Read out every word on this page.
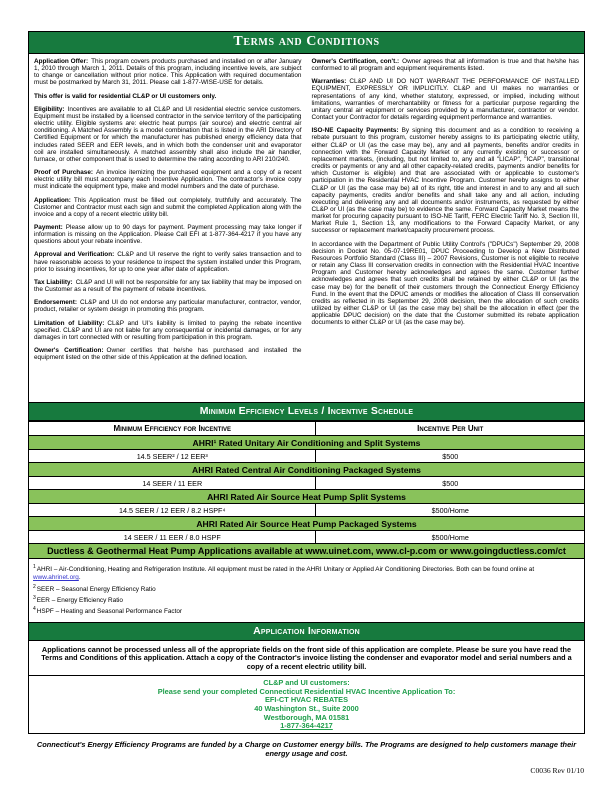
Terms and Conditions

Application Offer: This program covers products purchased and installed on or after January 1, 2010 through March 1, 2011. Details of this program, including incentive levels, are subject to change or cancellation without prior notice. This Application with required documentation must be postmarked by March 31, 2011. Please call 1-877-WISE-USE for details.

This offer is valid for residential CL&P or UI customers only.

Eligibility: Incentives are available to all CL&P and UI residential electric service customers. Equipment must be installed by a licensed contractor in the service territory of the participating electric utility. Eligible systems are: electric heat pumps (air source) and electric central air conditioning. A Matched Assembly is a model combination that is listed in the ARI Directory of Certified Equipment or for which the manufacturer has published energy efficiency data that includes rated SEER and EER levels, and in which both the condenser unit and evaporator coil are installed simultaneously. A matched assembly shall also include the air handler, furnace, or other component that is used to determine the rating according to ARI 210/240.

Proof of Purchase: An invoice itemizing the purchased equipment and a copy of a recent electric utility bill must accompany each Incentive Application. The contractor's invoice copy must indicate the equipment type, make and model numbers and the date of purchase.

Application: This Application must be filled out completely, truthfully and accurately. The Customer and Contractor must each sign and submit the completed Application along with the invoice and a copy of a recent electric utility bill.

Payment: Please allow up to 90 days for payment. Payment processing may take longer if information is missing on the Application. Please Call EFI at 1-877-364-4217 if you have any questions about your rebate incentive.

Approval and Verification: CL&P and UI reserve the right to verify sales transaction and to have reasonable access to your residence to inspect the system installed under this Program, prior to issuing incentives, for up to one year after date of application.

Tax Liability: CL&P and UI will not be responsible for any tax liability that may be imposed on the Customer as a result of the payment of rebate incentives.

Endorsement: CL&P and UI do not endorse any particular manufacturer, contractor, vendor, product, retailer or system design in promoting this program.

Limitation of Liability: CL&P and UI's liability is limited to paying the rebate incentive specified. CL&P and UI are not liable for any consequential or incidental damages, or for any damages in tort connected with or resulting from participation in this program.

Owner's Certification: Owner certifies that he/she has purchased and installed the equipment listed on the other side of this Application at the defined location.

Owner's Certification, con't.: Owner agrees that all information is true and that he/she has conformed to all program and equipment requirements listed.

Warranties: CL&P AND UI DO NOT WARRANT THE PERFORMANCE OF INSTALLED EQUIPMENT, EXPRESSLY OR IMPLICITLY. CL&P and UI makes no warranties or representations of any kind, whether statutory, expressed, or implied, including without limitations, warranties of merchantability or fitness for a particular purpose regarding the unitary central air equipment or services provided by a manufacturer, contractor or vendor. Contact your Contractor for details regarding equipment performance and warranties.

ISO-NE Capacity Payments: By signing this document and as a condition to receiving a rebate pursuant to this program, customer hereby assigns to its participating electric utility, either CL&P or UI (as the case may be), any and all payments, benefits and/or credits in connection with the Forward Capacity Market or any currently existing or successor or replacement markets, (including, but not limited to, any and all "LICAP", "ICAP", transitional credits or payments or any and all other capacity-related credits, payments and/or benefits for which Customer is eligible) and that are associated with or applicable to customer's participation in the Residential HVAC Incentive Program. Customer hereby assigns to either CL&P or UI (as the case may be) all of its right, title and interest in and to any and all such capacity payments, credits and/or benefits and shall take any and all action, including executing and delivering any and all documents and/or instruments, as requested by either CL&P or UI (as the case may be) to evidence the same. Forward Capacity Market means the market for procuring capacity pursuant to ISO-NE Tariff, FERC Electric Tariff No. 3, Section III, Market Rule 1, Section 13, any modifications to the Forward Capacity Market, or any successor or replacement market/capacity procurement process.

In accordance with the Department of Public Utility Control's ("DPUCs") September 29, 2008 decision in Docket No. 05-07-19RE01, DPUC Proceeding to Develop a New Distributed Resources Portfolio Standard (Class III) – 2007 Revisions, Customer is not eligible to receive or retain any Class III conservation credits in connection with the Residential HVAC Incentive Program and Customer hereby acknowledges and agrees the same. Customer further acknowledges and agrees that such credits shall be retained by either CL&P or UI (as the case may be) for the benefit of their customers through the Connecticut Energy Efficiency Fund. In the event that the DPUC amends or modifies the allocation of Class III conservation credits as reflected in its September 29, 2008 decision, then the allocation of such credits utilized by either CL&P or UI (as the case may be) shall be the allocation in effect (per the applicable DPUC decision) on the date that the Customer submitted its rebate application documents to either CL&P or UI (as the case may be).

Minimum Efficiency Levels / Incentive Schedule
Minimum Efficiency for Incentive	Incentive Per Unit
AHRI¹ Rated Unitary Air Conditioning and Split Systems	
14.5 SEER² / 12 EER³	$500
AHRI Rated Central Air Conditioning Packaged Systems	
14 SEER / 11 EER	$500
AHRI Rated Air Source Heat Pump Split Systems	
14.5 SEER / 12 EER / 8.2 HSPF⁴	$500/Home
AHRI Rated Air Source Heat Pump Packaged Systems	
14 SEER / 11 EER / 8.0 HSPF	$500/Home
Ductless & Geothermal Heat Pump Applications available at www.uinet.com, www.cl-p.com or www.goingductless.com/ct	
$^1$AHRI – Air-Conditioning, Heating and Refrigeration Institute. All equipment must be rated in the AHRI Unitary or Applied Air Conditioning Directories. Both can be found online at www.ahrinet.org.
$^2$SEER – Seasonal Energy Efficiency Ratio
$^3$EER – Energy Efficiency Ratio
$^4$HSPF – Heating and Seasonal Performance Factor
Application Information
Applications cannot be processed unless all of the appropriate fields on the front side of this application are complete. Please be sure you have read the Terms and Conditions of this application. Attach a copy of the Contractor's invoice listing the condenser and evaporator model and serial numbers and a copy of a recent electric utility bill.
CL&P and UI customers:
Please send your completed Connecticut Residential HVAC Incentive Application To:
EFI-CT HVAC REBATES
40 Washington St., Suite 2000
Westborough, MA 01581
1-877-364-4217
Connecticut's Energy Efficiency Programs are funded by a Charge on Customer energy bills. The Programs are designed to help customers manage their energy usage and cost.
C0036 Rev 01/10
